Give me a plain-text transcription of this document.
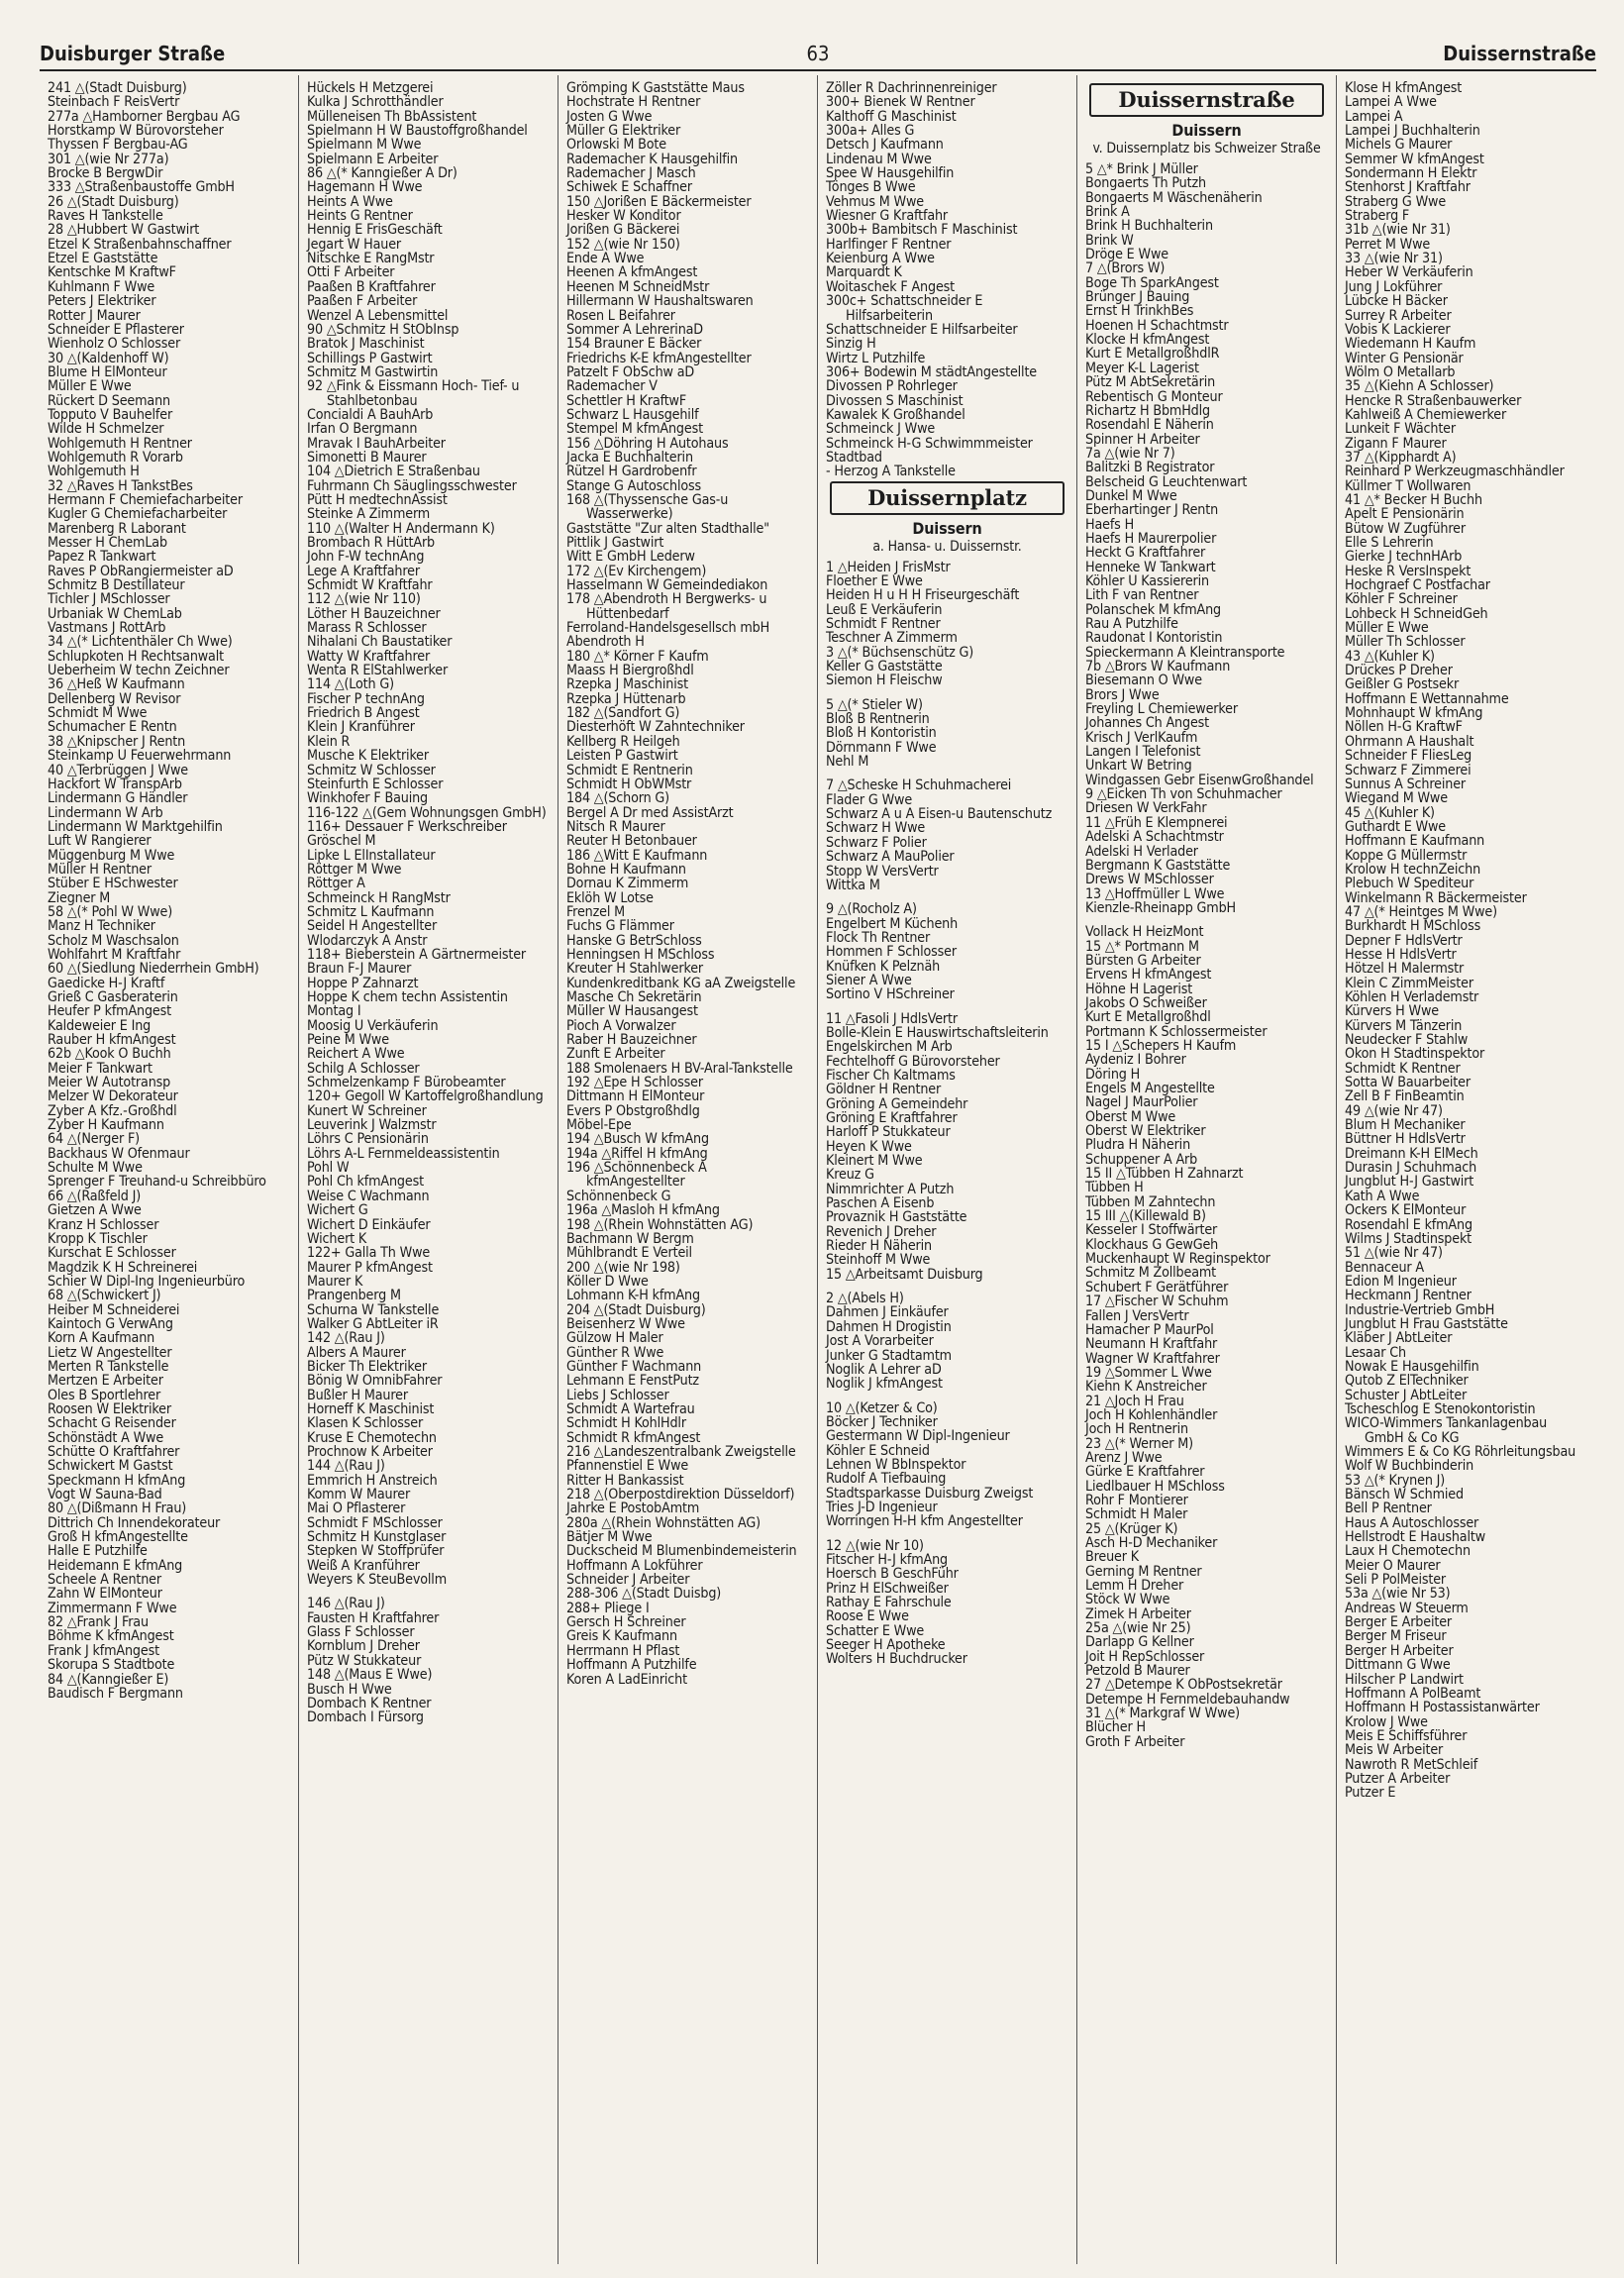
Duisburger Straße	63	Duissernstraße
241 △(Stadt Duisburg)
Steinbach F ReisVertr
277a △Hamborner Bergbau AG
Horstkamp W Bürovorsteher
Thyssen F Bergbau-AG
301 △(wie Nr 277a)
Brocke B BergwDir
333 △Straßenbaustoffe GmbH
26 △(Stadt Duisburg)
Raves H Tankstelle
28 △Hubbert W Gastwirt
Etzel K Straßenbahnschaffner
Etzel E Gaststätte
Kentschke M KraftwF
Kuhlmann F Wwe
Peters J Elektriker
Rotter J Maurer
Schneider E Pflasterer
Wienholz O Schlosser
30 △(Kaldenhoff W)
Blume H ElMonteur
Müller E Wwe
Rückert D Seemann
Topputo V Bauhelfer
Wilde H Schmelzer
Wohlgemuth H Rentner
Wohlgemuth R Vorarb
Wohlgemuth H
32 △Raves H TankstBes
Hermann F Chemiefacharbeiter
Kugler G Chemiefacharbeiter
Marenberg R Laborant
Messer H ChemLab
Papez R Tankwart
Raves P ObRangiermeister aD
Schmitz B Destillateur
Tichler J MSchlosser
Urbaniak W ChemLab
Vastmans J RottArb
34 △(* Lichtenthäler Ch Wwe)
Schlupkoten H Rechtsanwalt
Ueberheim W techn Zeichner
36 △Heß W Kaufmann
Dellenberg W Revisor
Schmidt M Wwe
Schumacher E Rentn
38 △Knipscher J Rentn
Steinkamp U Feuerwehrmann
40 △Terbrüggen J Wwe
Hackfort W TranspArb
Lindermann G Händler
Lindermann W Arb
Lindermann W Marktgehilfin
Luft W Rangierer
Müggenburg M Wwe
Müller H Rentner
Stüber E HSchwester
Ziegner M
58 △(* Pohl W Wwe)
Manz H Techniker
Scholz M Waschsalon
Wohlfahrt M Kraftfahr
60 △(Siedlung Niederrhein GmbH)
Gaedicke H-J Kraftf
Grieß C Gasberaterin
Heufer P kfmAngest
Kaldeweier E Ing
Rauber H kfmAngest
62b △Kook O Buchh
Meier F Tankwart
Meier W Autotransp
Melzer W Dekorateur
Zyber A Kfz.-Großhdl
Zyber H Kaufmann
64 △(Nerger F)
Backhaus W Ofenmaur
Schulte M Wwe
Sprenger F Treuhand-u Schreibbüro
66 △(Raßfeld J)
Gietzen A Wwe
Kranz H Schlosser
Kropp K Tischler
Kurschat E Schlosser
Magdzik K H Schreinerei
Schier W Dipl-Ing Ingenieurbüro
68 △(Schwickert J)
Heiber M Schneiderei
Kaintoch G VerwAng
Korn A Kaufmann
Lietz W Angestellter
Merten R Tankstelle
Mertzen E Arbeiter
Oles B Sportlehrer
Roosen W Elektriker
Schacht G Reisender
Schönstädt A Wwe
Schütte O Kraftfahrer
Schwickert M Gastst
Speckmann H kfmAng
Vogt W Sauna-Bad
80 △(Dißmann H Frau)
Dittrich Ch Innendekorateur
Groß H kfmAngestellte
Halle E Putzhilfe
Heidemann E kfmAng
Scheele A Rentner
Zahn W ElMonteur
Zimmermann F Wwe
82 △Frank J Frau
Böhme K kfmAngest
Frank J kfmAngest
Skorupa S Stadtbote
84 △(Kanngießer E)
Baudisch F Bergmann
Hückels H Metzgerei
Kulka J Schrotthändler
Mülleneisen Th BbAssistent
Spielmann H W Baustoffgroßhandel
Spielmann M Wwe
Spielmann E Arbeiter
86 △(* Kanngießer A Dr)
Hagemann H Wwe
Heints A Wwe
Heints G Rentner
Hennig E FrisGeschäft
Jegart W Hauer
Nitschke E RangMstr
Otti F Arbeiter
Paaßen B Kraftfahrer
Paaßen F Arbeiter
Wenzel A Lebensmittel
90 △Schmitz H StObInsp
Bratok J Maschinist
Schillings P Gastwirt
Schmitz M Gastwirtin
92 △Fink & Eissmann Hoch- Tief- u Stahlbetonbau
Concialdi A BauhArb
Irfan O Bergmann
Mravak I BauhArbeiter
Simonetti B Maurer
104 △Dietrich E Straßenbau
Fuhrmann Ch Säuglingsschwester
Pütt H medtechnAssist
Steinke A Zimmerm
110 △(Walter H Andermann K)
Brombach R HüttArb
John F-W technAng
Lege A Kraftfahrer
Schmidt W Kraftfahr
112 △(wie Nr 110)
Löther H Bauzeichner
Marass R Schlosser
Nihalani Ch Baustatiker
Watty W Kraftfahrer
Wenta R ElStahlwerker
114 △(Loth G)
Fischer P technAng
Friedrich B Angest
Klein J Kranführer
Klein R
Musche K Elektriker
Schmitz W Schlosser
Steinfurth E Schlosser
Winkhofer F Bauing
116-122 △(Gem Wohnungsgen GmbH)
116+ Dessauer F Werkschreiber
Gröschel M
Lipke L ElInstallateur
Röttger M Wwe
Röttger A
Schmeinck H RangMstr
Schmitz L Kaufmann
Seidel H Angestellter
Wlodarczyk A Anstr
118+ Bieberstein A Gärtnermeister
Braun F-J Maurer
Hoppe P Zahnarzt
Hoppe K chem techn Assistentin
Montag I
Moosig U Verkäuferin
Peine M Wwe
Reichert A Wwe
Schilg A Schlosser
Schmelzenkamp F Bürobeamter
120+ Gegoll W Kartoffelgroßhandlung
Kunert W Schreiner
Leuverink J Walzmstr
Löhrs C Pensionärin
Löhrs A-L Fernmeldeassistentin
Pohl W
Pohl Ch kfmAngest
Weise C Wachmann
Wichert G
Wichert D Einkäufer
Wichert K
122+ Galla Th Wwe
Maurer P kfmAngest
Maurer K
Prangenberg M
Schurna W Tankstelle
Walker G AbtLeiter iR
142 △(Rau J)
Albers A Maurer
Bicker Th Elektriker
Bönig W OmnibFahrer
Bußler H Maurer
Horneff K Maschinist
Klasen K Schlosser
Kruse E Chemotechn
Prochnow K Arbeiter
144 △(Rau J)
Emmrich H Anstreich
Komm W Maurer
Mai O Pflasterer
Schmidt F MSchlosser
Schmitz H Kunstglaser
Stepken W Stoffprüfer
Weiß A Kranführer
Weyers K SteuBevollm
146 △(Rau J)
Fausten H Kraftfahrer
Glass F Schlosser
Kornblum J Dreher
Pütz W Stukkateur
148 △(Maus E Wwe)
Busch H Wwe
Dombach K Rentner
Dombach I Fürsorg
Grömping K Gaststätte Maus
Hochstrate H Rentner
Josten G Wwe
Müller G Elektriker
Orlowski M Bote
Rademacher K Hausgehilfin
Rademacher J Masch
Schiwek E Schaffner
150 △Jorißen E Bäckermeister
Hesker W Konditor
Jorißen G Bäckerei
152 △(wie Nr 150)
Ende A Wwe
Heenen A kfmAngest
Heenen M SchneidMstr
Hillermann W Haushaltswaren
Rosen L Beifahrer
Sommer A LehrerinaD
154 Brauner E Bäcker
Friedrichs K-E kfmAngestellter
Patzelt F ObSchw aD
Rademacher V
Schettler H KraftwF
Schwarz L Hausgehilf
Stempel M kfmAngest
156 △Döhring H Autohaus
Jacka E Buchhalterin
Rützel H Gardrobenfr
Stange G Autoschloss
168 △(Thyssensche Gas-u Wasserwerke)
Gaststätte "Zur alten Stadthalle"
Pittlik J Gastwirt
Witt E GmbH Lederw
172 △(Ev Kirchengem)
Hasselmann W Gemeindediakon
178 △Abendroth H Bergwerks- u Hüttenbedarf
Ferroland-Handelsgesellsch mbH
Abendroth H
180 △* Körner F Kaufm
Maass H Biergroßhdl
Rzepka J Maschinist
Rzepka J Hüttenarb
182 △(Sandfort G)
Diesterhöft W Zahntechniker
Kellberg R Heilgeh
Leisten P Gastwirt
Schmidt E Rentnerin
Schmidt H ObWMstr
184 △(Schorn G)
Bergel A Dr med AssistArzt
Nitsch R Maurer
Reuter H Betonbauer
186 △Witt E Kaufmann
Bohne H Kaufmann
Dornau K Zimmerm
Eklöh W Lotse
Frenzel M
Fuchs G Flämmer
Hanske G BetrSchloss
Henningsen H MSchloss
Kreuter H Stahlwerker
Kundenkreditbank KG aA Zweigstelle
Masche Ch Sekretärin
Müller W Hausangest
Pioch A Vorwalzer
Raber H Bauzeichner
Zunft E Arbeiter
188 Smolenaers H BV-Aral-Tankstelle
192 △Epe H Schlosser
Dittmann H ElMonteur
Evers P Obstgroßhdlg
Möbel-Epe
194 △Busch W kfmAng
194a △Riffel H kfmAng
196 △Schönnenbeck A kfmAngestellter
Schönnenbeck G
196a △Masloh H kfmAng
198 △(Rhein Wohnstätten AG)
Bachmann W Bergm
Mühlbrandt E Verteil
200 △(wie Nr 198)
Köller D Wwe
Lohmann K-H kfmAng
204 △(Stadt Duisburg)
Beisenherz W Wwe
Gülzow H Maler
Günther R Wwe
Günther F Wachmann
Lehmann E FenstPutz
Liebs J Schlosser
Schmidt A Wartefrau
Schmidt H KohlHdlr
Schmidt R kfmAngest
216 △Landeszentralbank Zweigstelle
Pfannenstiel E Wwe
Ritter H Bankassist
218 △(Oberpostdirektion Düsseldorf)
Jahrke E PostobAmtm
280a △(Rhein Wohnstätten AG)
Bätjer M Wwe
Duckscheid M Blumenbindemeisterin
Hoffmann A Lokführer
Schneider J Arbeiter
288-306 △(Stadt Duisbg)
288+ Pliege I
Gersch H Schreiner
Greis K Kaufmann
Herrmann H Pflast
Hoffmann A Putzhilfe
Koren A LadEinricht
Zöller R Dachrinnenreiniger
300+ Bienek W Rentner
Kalthoff G Maschinist
300a+ Alles G
Detsch J Kaufmann
Lindenau M Wwe
Spee W Hausgehilfin
Tönges B Wwe
Vehmus M Wwe
Wiesner G Kraftfahr
300b+ Bambitsch F Maschinist
Harlfinger F Rentner
Keienburg A Wwe
Marquardt K
Woitaschek F Angest
300c+ Schattschneider E Hilfsarbeiterin
Schattschneider E Hilfsarbeiter
Sinzig H
Wirtz L Putzhilfe
306+ Bodewin M städtAngestellte
Divossen P Rohrleger
Divossen S Maschinist
Kawalek K Großhandel
Schmeinck J Wwe
Schmeinck H-G Schwimmmeister
Stadtbad
- Herzog A Tankstelle
Duissernplatz
Duissern
a. Hansa- u. Duissernstr.
1 △Heiden J FrisMstr
Floether E Wwe
Heiden H u H H Friseurgeschäft
Leuß E Verkäuferin
Schmidt F Rentner
Teschner A Zimmerm
3 △(* Büchsenschütz G)
Keller G Gaststätte
Siemon H Fleischw
5 △(* Stieler W)
Bloß B Rentnerin
Bloß H Kontoristin
Dörnmann F Wwe
Nehl M
7 △Scheske H Schuhmacherei
Flader G Wwe
Schwarz A u A Eisen-u Bautenschutz
Schwarz H Wwe
Schwarz F Polier
Schwarz A MauPolier
Stopp W VersVertr
Wittka M
9 △(Rocholz A)
Engelbert M Küchenh
Flock Th Rentner
Hommen F Schlosser
Knüfken K Pelznäh
Siener A Wwe
Sortino V HSchreiner
11 △Fasoli J HdlsVertr
Bolle-Klein E Hauswirtschaftsleiterin
Engelskirchen M Arb
Fechtelhoff G Bürovorsteher
Fischer Ch Kaltmams
Göldner H Rentner
Gröning A Gemeindehr
Gröning E Kraftfahrer
Harloff P Stukkateur
Heyen K Wwe
Kleinert M Wwe
Kreuz G
Nimmrichter A Putzh
Paschen A Eisenb
Provaznik H Gaststätte
Revenich J Dreher
Rieder H Näherin
Steinhoff M Wwe
15 △Arbeitsamt Duisburg
2 △(Abels H)
Dahmen J Einkäufer
Dahmen H Drogistin
Jost A Vorarbeiter
Junker G Stadtamtm
Noglik A Lehrer aD
Noglik J kfmAngest
10 △(Ketzer & Co)
Böcker J Techniker
Gestermann W Dipl-Ingenieur
Köhler E Schneid
Lehnen W BbInspektor
Rudolf A Tiefbauing
Stadtsparkasse Duisburg Zweigst
Tries J-D Ingenieur
Worringen H-H kfm Angestellter
12 △(wie Nr 10)
Fitscher H-J kfmAng
Hoersch B GeschFühr
Prinz H ElSchweißer
Rathay E Fahrschule
Roose E Wwe
Schatter E Wwe
Seeger H Apotheke
Wolters H Buchdrucker
Duissernstraße
Duissern
v. Duissernplatz bis Schweizer Straße
5 △* Brink J Müller
Bongaerts Th Putzh
Bongaerts M Wäschenäherin
Brink A
Brink H Buchhalterin
Brink W
Dröge E Wwe
7 △(Brors W)
Boge Th SparkAngest
Brünger J Bauing
Ernst H TrinkhBes
Hoenen H Schachtmstr
Klocke H kfmAngest
Kurt E MetallgroßhdlR
Meyer K-L Lagerist
Pütz M AbtSekretärin
Rebentisch G Monteur
Richartz H BbmHdlg
Rosendahl E Näherin
Spinner H Arbeiter
7a △(wie Nr 7)
Balitzki B Registrator
Belscheid G Leuchtenwart
Dunkel M Wwe
Eberhartinger J Rentn
Haefs H
Haefs H Maurerpolier
Heckt G Kraftfahrer
Henneke W Tankwart
Köhler U Kassiererin
Lith F van Rentner
Polanschek M kfmAng
Rau A Putzhilfe
Raudonat I Kontoristin
Spieckermann A Kleintransporte
7b △Brors W Kaufmann
Biesemann O Wwe
Brors J Wwe
Freyling L Chemiewerker
Johannes Ch Angest
Krisch J VerlKaufm
Langen I Telefonist
Unkart W Betring
Windgassen Gebr EisenwGroßhandel
9 △Eicken Th von Schuhmacher
Driesen W VerkFahr
11 △Früh E Klempnerei
Adelski A Schachtmstr
Adelski H Verlader
Bergmann K Gaststätte
Drews W MSchlosser
13 △Hoffmüller L Wwe
Kienzle-Rheinapp GmbH
Vollack H HeizMont
15 △* Portmann M
Bürsten G Arbeiter
Ervens H kfmAngest
Höhne H Lagerist
Jakobs O Schweißer
Kurt E Metallgroßhdl
Portmann K Schlossermeister
15 I △Schepers H Kaufm
Aydeniz I Bohrer
Döring H
Engels M Angestellte
Nagel J MaurPolier
Oberst M Wwe
Oberst W Elektriker
Pludra H Näherin
Schuppener A Arb
15 II △Tübben H Zahnarzt
Tübben H
Tübben M Zahntechn
15 III △(Killewald B)
Kesseler I Stoffwärter
Klockhaus G GewGeh
Muckenhaupt W Reginspektor
Schmitz M Zollbeamt
Schubert F Gerätführer
17 △Fischer W Schuhm
Fallen J VersVertr
Hamacher P MaurPol
Neumann H Kraftfahr
Wagner W Kraftfahrer
19 △Sommer L Wwe
Kiehn K Anstreicher
21 △Joch H Frau
Joch H Kohlenhändler
Joch H Rentnerin
23 △(* Werner M)
Arenz J Wwe
Gürke E Kraftfahrer
Liedlbauer H MSchloss
Rohr F Montierer
Schmidt H Maler
25 △(Krüger K)
Asch H-D Mechaniker
Breuer K
Gerning M Rentner
Lemm H Dreher
Stöck W Wwe
Zimek H Arbeiter
25a △(wie Nr 25)
Darlapp G Kellner
Joit H RepSchlosser
Petzold B Maurer
27 △Detempe K ObPostsekretär
Detempe H Fernmeldebauhandw
31 △(* Markgraf W Wwe)
Blücher H
Groth F Arbeiter
Klose H kfmAngest
Lampei A Wwe
Lampei A
Lampei J Buchhalterin
Michels G Maurer
Semmer W kfmAngest
Sondermann H Elektr
Stenhorst J Kraftfahr
Straberg G Wwe
Straberg F
31b △(wie Nr 31)
Perret M Wwe
33 △(wie Nr 31)
Heber W Verkäuferin
Jung J Lokführer
Lübcke H Bäcker
Surrey R Arbeiter
Vobis K Lackierer
Wiedemann H Kaufm
Winter G Pensionär
Wölm O Metallarb
35 △(Kiehn A Schlosser)
Hencke R Straßenbauwerker
Kahlweiß A Chemiewerker
Lunkeit F Wächter
Zigann F Maurer
37 △(Kipphardt A)
Reinhard P Werkzeugmaschhändler
Küllmer T Wollwaren
41 △* Becker H Buchh
Apelt E Pensionärin
Bütow W Zugführer
Elle S Lehrerin
Gierke J technHArb
Heske R VersInspekt
Hochgraef C Postfachar
Köhler F Schreiner
Lohbeck H SchneidGeh
Müller E Wwe
Müller Th Schlosser
43 △(Kuhler K)
Drückes P Dreher
Geißler G Postsekr
Hoffmann E Wettannahme
Mohnhaupt W kfmAng
Nöllen H-G KraftwF
Ohrmann A Haushalt
Schneider F FliesLeg
Schwarz F Zimmerei
Sunnus A Schreiner
Wiegand M Wwe
45 △(Kuhler K)
Guthardt E Wwe
Hoffmann E Kaufmann
Koppe G Müllermstr
Krolow H technZeichn
Plebuch W Spediteur
Winkelmann R Bäckermeister
47 △(* Heintges M Wwe)
Burkhardt H MSchloss
Depner F HdlsVertr
Hesse H HdlsVertr
Hötzel H Malermstr
Klein C ZimmMeister
Köhlen H Verlademstr
Kürvers H Wwe
Kürvers M Tänzerin
Neudecker F Stahlw
Okon H Stadtinspektor
Schmidt K Rentner
Sotta W Bauarbeiter
Zell B F FinBeamtin
49 △(wie Nr 47)
Blum H Mechaniker
Büttner H HdlsVertr
Dreimann K-H ElMech
Durasin J Schuhmach
Jungblut H-J Gastwirt
Kath A Wwe
Ockers K ElMonteur
Rosendahl E kfmAng
Wilms J Stadtinspekt
51 △(wie Nr 47)
Bennaceur A
Edion M Ingenieur
Heckmann J Rentner
Industrie-Vertrieb GmbH
Jungblut H Frau Gaststätte
Kläber J AbtLeiter
Lesaar Ch
Nowak E Hausgehilfin
Qutob Z ElTechniker
Schuster J AbtLeiter
Tscheschlog E Stenokontoristin
WICO-Wimmers Tankanlagenbau GmbH & Co KG
Wimmers E & Co KG Röhrleitungsbau
Wolf W Buchbinderin
53 △(* Krynen J)
Bänsch W Schmied
Bell P Rentner
Haus A Autoschlosser
Hellstrodt E Haushaltw
Laux H Chemotechn
Meier O Maurer
Seli P PolMeister
53a △(wie Nr 53)
Andreas W Steuerm
Berger E Arbeiter
Berger M Friseur
Berger H Arbeiter
Dittmann G Wwe
Hilscher P Landwirt
Hoffmann A PolBeamt
Hoffmann H Postassistanwärter
Krolow J Wwe
Meis E Schiffsführer
Meis W Arbeiter
Nawroth R MetSchleif
Putzer A Arbeiter
Putzer E
